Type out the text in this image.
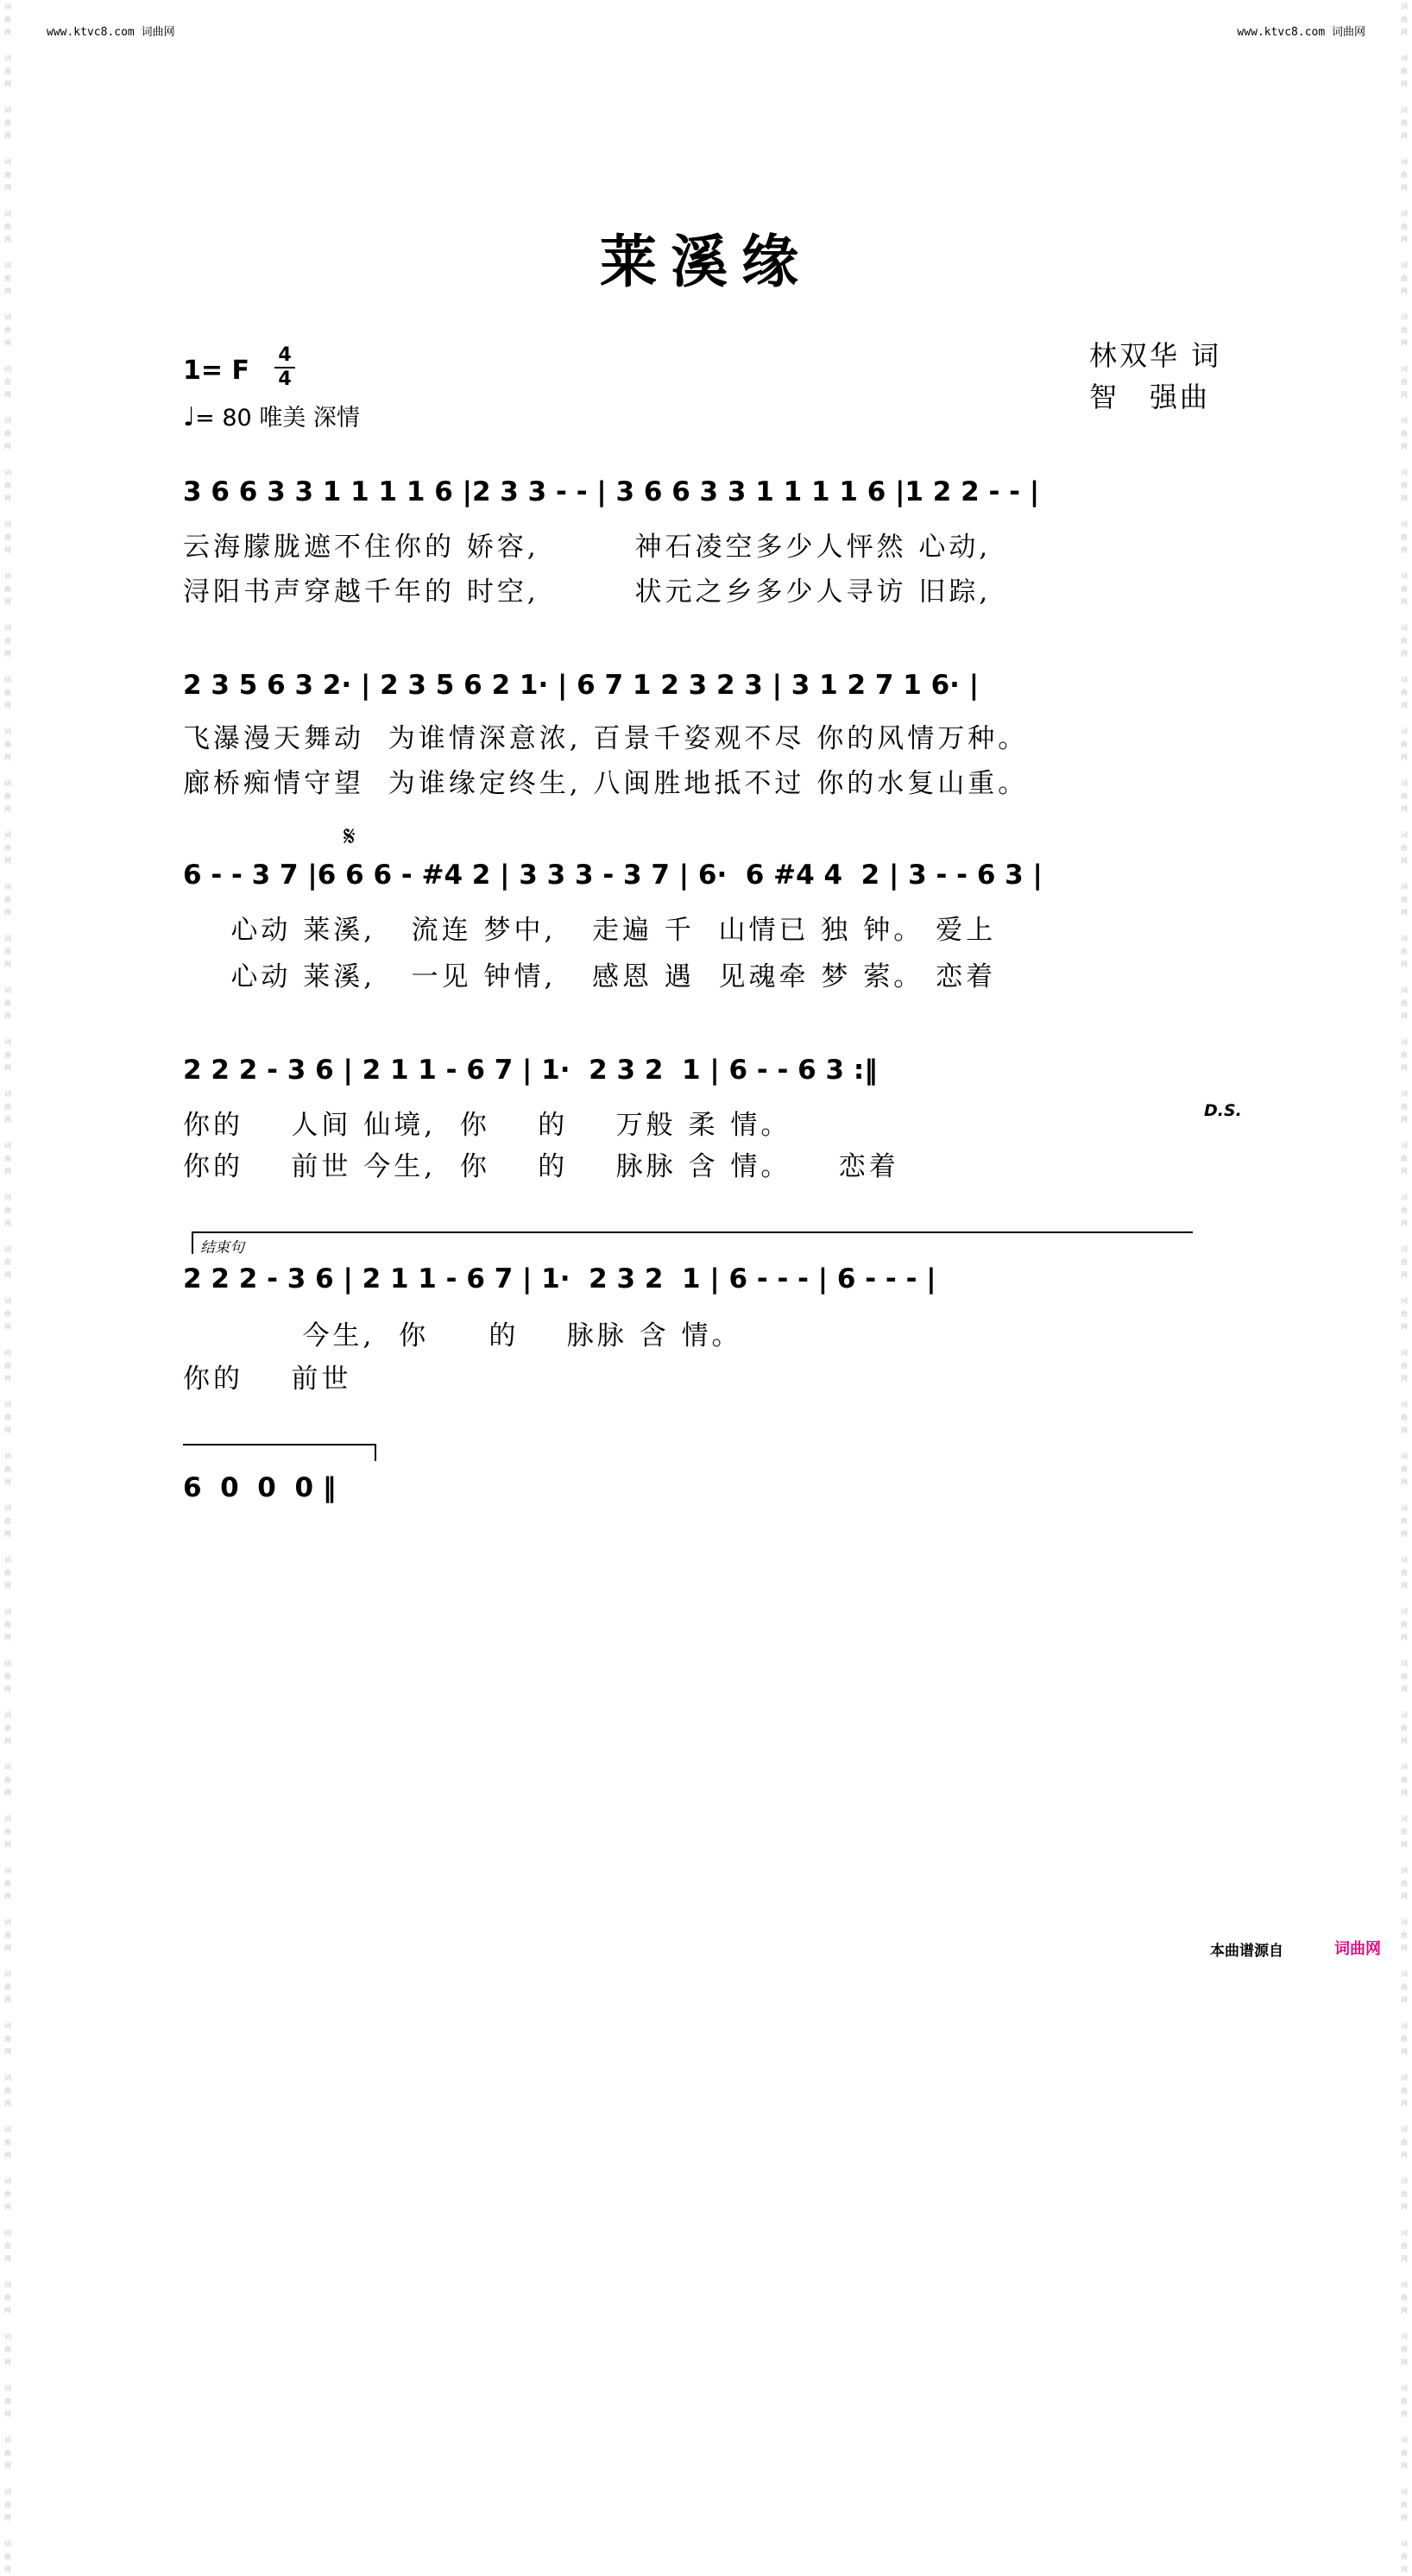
www.ktvc8.com 词曲网	www.ktvc8.com 词曲网
词
曲
网

词
曲
网

词
曲
网

词
曲
网

词
曲
网

词
曲
网

词
曲
网

词
曲
网

词
曲
网

词
曲
网

词
曲
网

词
曲
网

词
曲
网

词
曲
网

词
曲
网

词
曲
网

词
曲
网

词
曲
网

词
曲
网

词
曲
网

词
曲
网

词
曲
网

词
曲
网

词
曲
网

词
曲
网

词
曲
网

词
曲
网

词
曲
网

词
曲
网

词
曲
网

词
曲
网

词
曲
网

词
曲
网

词
曲
网

词
曲
网

词
曲
网

词
曲
网

词
曲
网

词
曲
网

词
曲
网

词
曲
网

词
曲
网

词
曲
网

词
曲
网

词
曲
网

词
曲
网

词
曲
网

词
曲
网

词
曲
网

词
曲
网

词
曲
网

词
曲
网

词
曲
网

词
曲
网

词
曲
网

词
曲
网

词
曲
网

词
曲
网

词
曲
网

词
曲
网

词
曲
网

词
曲
网

词
曲
网

词
曲
网

词
曲
网

词
曲
网

词
曲
网

词
曲
网

词
曲
网

词
曲
网

词
曲
网

词
曲
网

词
曲
网

词
曲
网

词
曲
网

词
曲
网

词
曲
网

词
曲
网

词
曲
网

词
曲
网

词
曲
网

词
曲
网

词
曲
网

词
曲
网

词
曲
网

词
曲
网

词
曲
网

词
曲
网

词
曲
网

词
曲
网

词
曲
网

词
曲
网

词
曲
网

词
曲
网

词
曲
网

词
曲
网

词
曲
网

词
曲
网

词
曲
网

词
曲
网

莱溪缘
1= F
4
4
♩= 80 唯美 深情
林双华 词
智　强曲
3 6 6 3 3 1 1 1 1 6 |2 3 3 - - | 3 6 6 3 3 1 1 1 1 6 |1 2 2 - - |
云海朦胧遮不住你的 娇容,        神石凌空多少人怦然 心动,
浔阳书声穿越千年的 时空,        状元之乡多少人寻访 旧踪,
2 3 5 6 3 2· | 2 3 5 6 2 1· | 6 7 1 2 3 2 3 | 3 1 2 7 1 6· |
飞瀑漫天舞动  为谁情深意浓, 百景千姿观不尽 你的风情万种。
廊桥痴情守望  为谁缘定终生, 八闽胜地抵不过 你的水复山重。
𝄋
6 - - 3 7 |6 6 6 - #4 2 | 3 3 3 - 3 7 | 6·  6 #4 4  2 | 3 - - 6 3 |
心动 莱溪,   流连 梦中,   走遍 千  山情已 独 钟。 爱上
心动 莱溪,   一见 钟情,   感恩 遇  见魂牵 梦 萦。 恋着
2 2 2 - 3 6 | 2 1 1 - 6 7 | 1·  2 3 2  1 | 6 - - 6 3 :‖
D.S.
你的    人间 仙境,  你    的    万般 柔 情。
你的    前世 今生,  你    的    脉脉 含 情。    恋着
结束句
2 2 2 - 3 6 | 2 1 1 - 6 7 | 1·  2 3 2  1 | 6 - - - | 6 - - - |
今生,  你     的    脉脉 含 情。
你的    前世
6  0  0  0 ‖
本曲谱源自	词曲网
